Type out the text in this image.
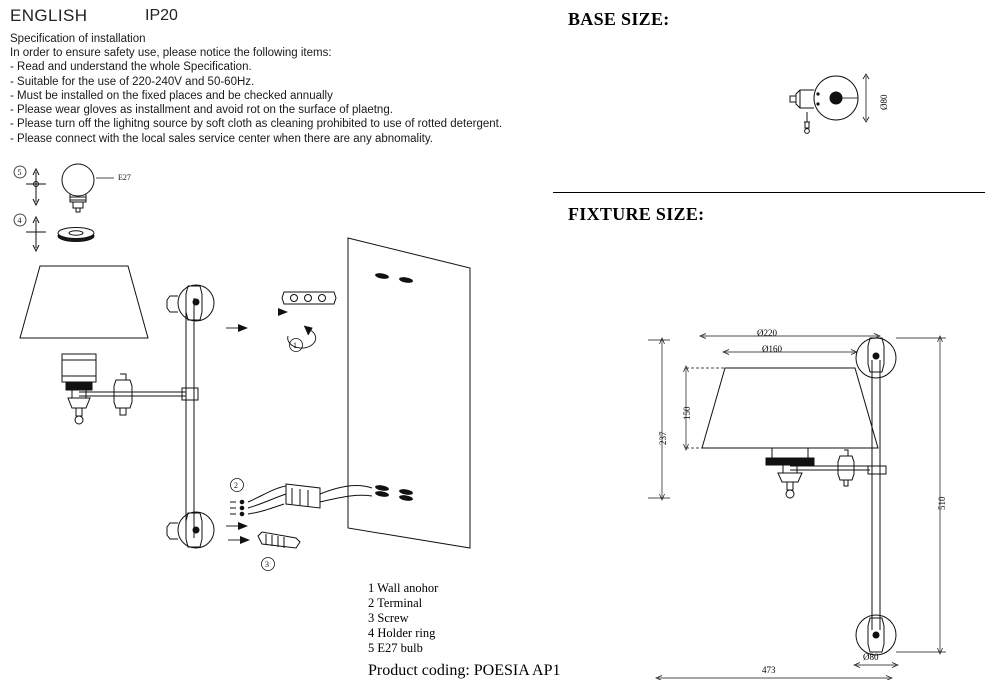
ENGLISH	IP20
Specification of installation
In order to ensure safety use, please notice the following items:
- Read and understand the whole Specification.
- Suitable for the use of 220-240V and 50-60Hz.
- Must be installed on the fixed places and be checked annually
- Please wear gloves as installment and avoid rot on the surface of plaetng.
- Please turn off the lighitng source by soft cloth as cleaning prohibited to use of rotted detergent.
- Please connect with the local sales service center when there are any abnomality.
BASE SIZE:
FIXTURE SIZE:
Ø80
Ø220
Ø160
150
237
510
Ø80
473
E27
5
4
1
2
3
1 Wall anohor
2 Terminal
3 Screw
4 Holder ring
5 E27 bulb
Product coding: POESIA AP1
